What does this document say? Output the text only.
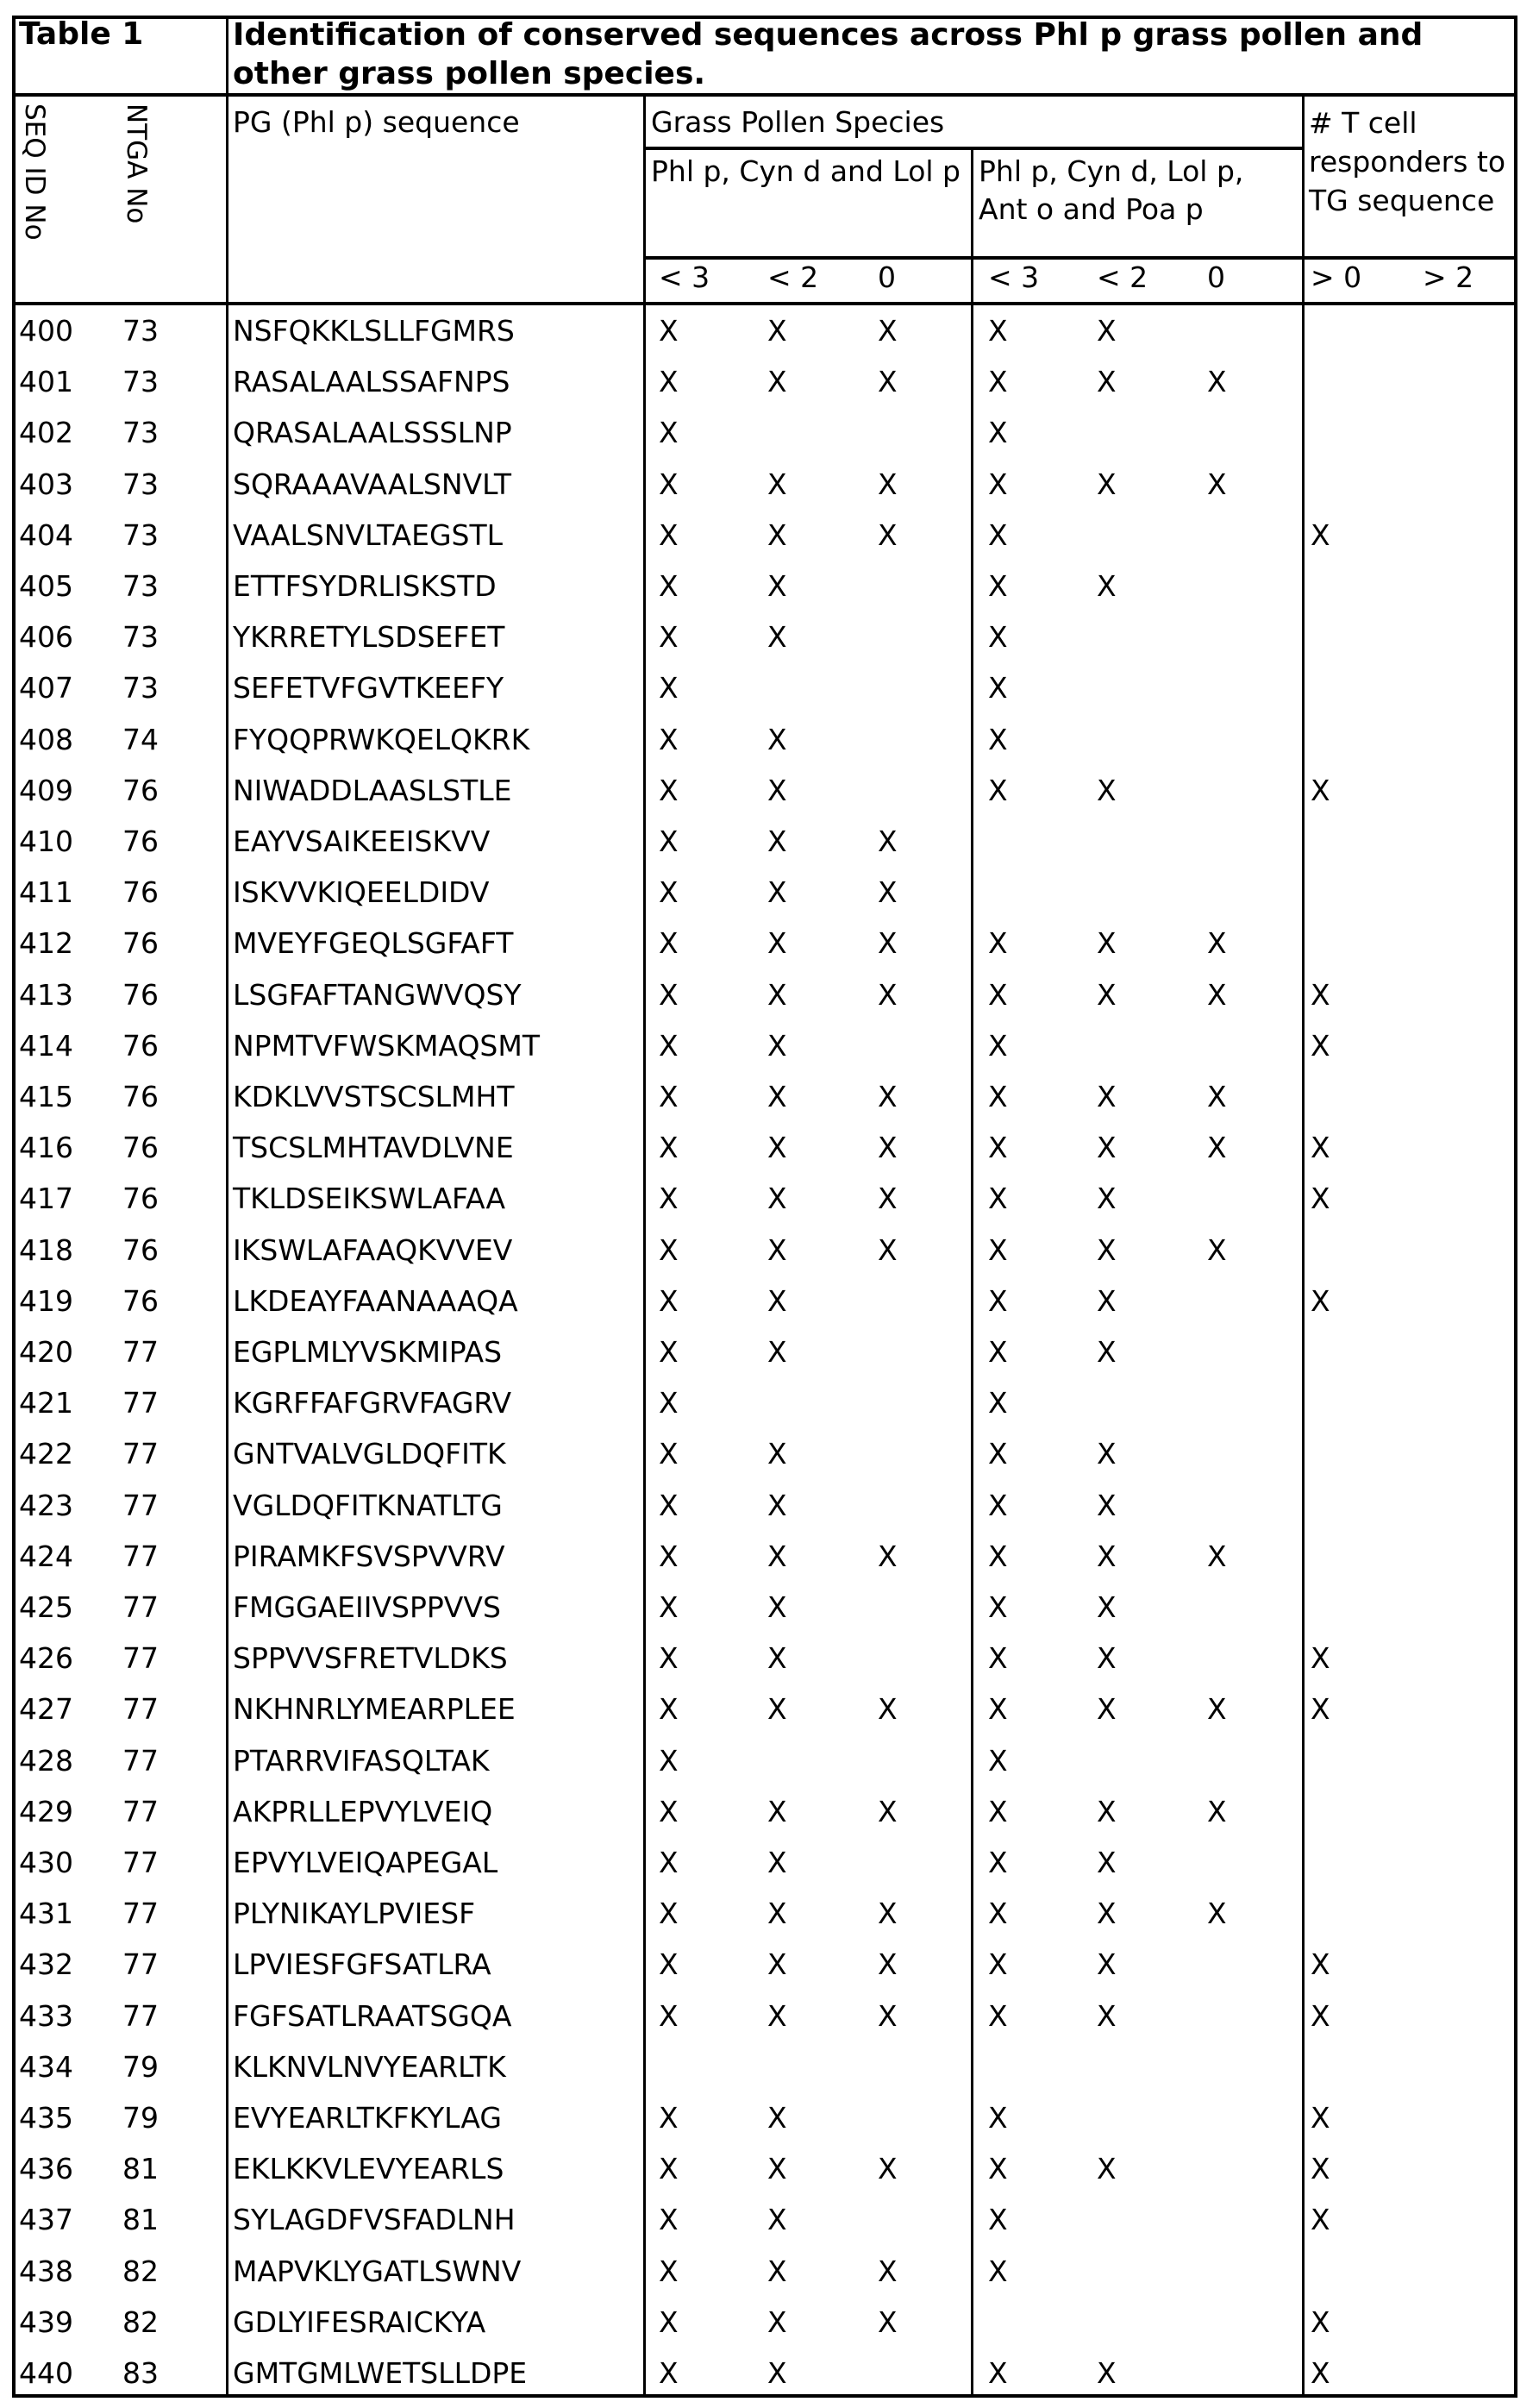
Table 1	Identification of conserved sequences across Phl p grass pollen and other grass pollen species.
SEQ ID No	NTGA No	PG (Phl p) sequence	Grass Pollen Species
Phl p, Cyn d and Lol p Phl p, Cyn d, Lol p, Ant o and Poa p
# T cell responders to TG sequence
< 3 < 2 0	< 3 < 2 0	> 0 > 2
400 73	NSFQKKLSLLFGMRS	X	X	X	X	X
401 73	RASALAALSSAFNPS	X	X	X	X	X	X
402 73	QRASALAALSSSLNP	X	X
403 73	SQRAAAVAALSNVLT	X	X	X	X	X	X
404 73	VAALSNVLTAEGSTL	X	X	X	X	X
405 73	ETTFSYDRLISKSTD	X	X	X	X
406 73	YKRRETYLSDSEFET	X	X	X
407 73	SEFETVFGVTKEEFY	X	X
408 74	FYQQPRWKQELQKRK	X	X	X
409 76	NIWADDLAASLSTLE	X	X	X	X	X
410 76	EAYVSAIKEEISKVV	X	X	X
411 76	ISKVVKIQEELDIDV	X	X	X
412 76	MVEYFGEQLSGFAFT	X	X	X	X	X	X
413 76	LSGFAFTANGWVQSY	X	X	X	X	X	X	X
414 76	NPMTVFWSKMAQSMT	X	X	X	X
415 76	KDKLVVSTSCSLMHT	X	X	X	X	X	X
416 76	TSCSLMHTAVDLVNE	X	X	X	X	X	X	X
417 76	TKLDSEIKSWLAFAA	X	X	X	X	X	X
418 76	IKSWLAFAAQKVVEV	X	X	X	X	X	X
419 76	LKDEAYFAANAAAQA	X	X	X	X	X
420 77	EGPLMLYVSKMIPAS	X	X	X	X
421 77	KGRFFAFGRVFAGRV	X	X
422 77	GNTVALVGLDQFITK	X	X	X	X
423 77	VGLDQFITKNATLTG	X	X	X	X
424 77	PIRAMKFSVSPVVRV	X	X	X	X	X	X
425 77	FMGGAEIIVSPPVVS	X	X	X	X
426 77	SPPVVSFRETVLDKS	X	X	X	X	X
427 77	NKHNRLYMEARPLEE	X	X	X	X	X	X	X
428 77	PTARRVIFASQLTAK	X	X
429 77	AKPRLLEPVYLVEIQ	X	X	X	X	X	X
430 77	EPVYLVEIQAPEGAL	X	X	X	X
431 77	PLYNIKAYLPVIESF	X	X	X	X	X	X
432 77	LPVIESFGFSATLRA	X	X	X	X	X	X
433 77	FGFSATLRAATSGQA	X	X	X	X	X	X
434 79	KLKNVLNVYEARLTK
435 79	EVYEARLTKFKYLAG	X	X	X	X
436 81	EKLKKVLEVYEARLS	X	X	X	X	X	X
437 81	SYLAGDFVSFADLNH	X	X	X	X
438 82	MAPVKLYGATLSWNV	X	X	X	X
439 82	GDLYIFESRAICKYA	X	X	X	X
440 83	GMTGMLWETSLLDPE	X	X	X	X	X
